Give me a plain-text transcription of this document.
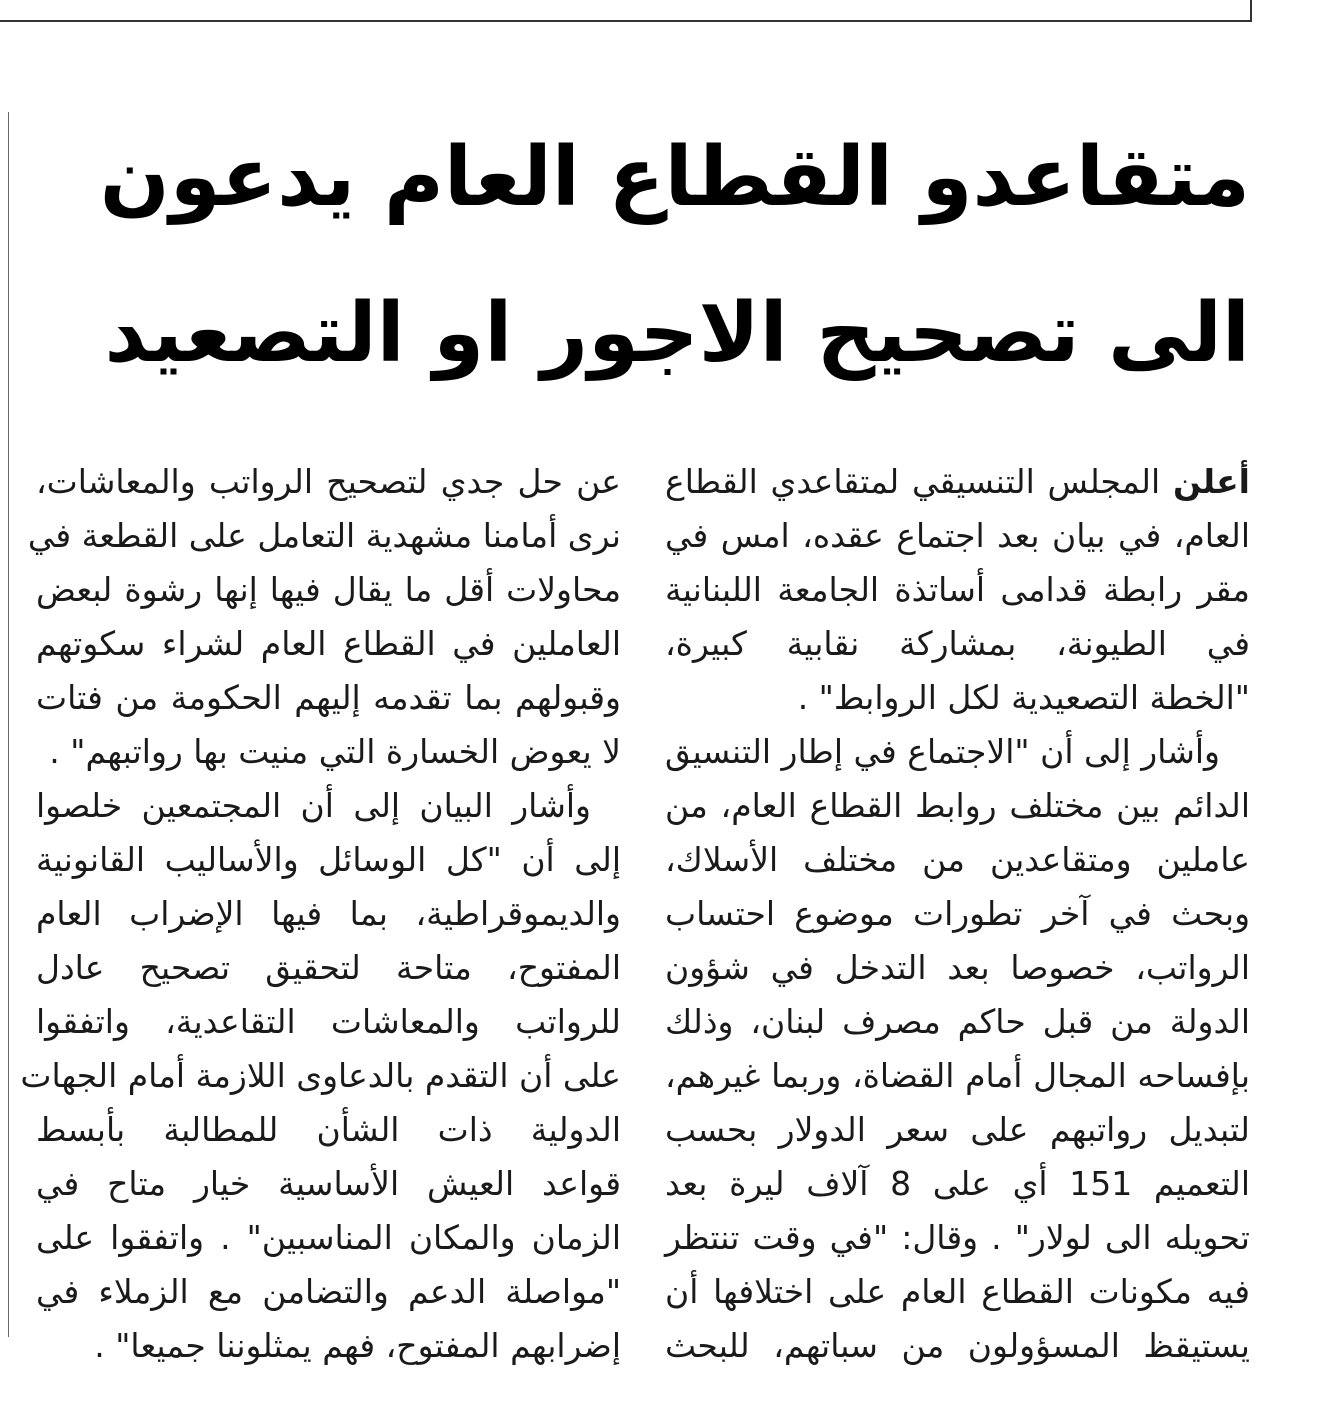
متقاعدو القطاع العام يدعون
الى تصحيح الاجور او التصعيد
أعلن المجلس التنسيقي لمتقاعدي القطاع
العام، في بيان بعد اجتماع عقده، امس في
مقر رابطة قدامى أساتذة الجامعة اللبنانية
في الطيونة، بمشاركة نقابية كبيرة،
"الخطة التصعيدية لكل الروابط" .
وأشار إلى أن "الاجتماع في إطار التنسيق
الدائم بين مختلف روابط القطاع العام، من
عاملين ومتقاعدين من مختلف الأسلاك،
وبحث في آخر تطورات موضوع احتساب
الرواتب، خصوصا بعد التدخل في شؤون
الدولة من قبل حاكم مصرف لبنان، وذلك
بإفساحه المجال أمام القضاة، وربما غيرهم،
لتبديل رواتبهم على سعر الدولار بحسب
التعميم 151 أي على 8 آلاف ليرة بعد
تحويله الى لولار" . وقال: "في وقت تنتظر
فيه مكونات القطاع العام على اختلافها أن
يستيقظ المسؤولون من سباتهم، للبحث
عن حل جدي لتصحيح الرواتب والمعاشات،
نرى أمامنا مشهدية التعامل على القطعة في
محاولات أقل ما يقال فيها إنها رشوة لبعض
العاملين في القطاع العام لشراء سكوتهم
وقبولهم بما تقدمه إليهم الحكومة من فتات
لا يعوض الخسارة التي منيت بها رواتبهم" .
وأشار البيان إلى أن المجتمعين خلصوا
إلى أن "كل الوسائل والأساليب القانونية
والديموقراطية، بما فيها الإضراب العام
المفتوح، متاحة لتحقيق تصحيح عادل
للرواتب والمعاشات التقاعدية، واتفقوا
على أن التقدم بالدعاوى اللازمة أمام الجهات
الدولية ذات الشأن للمطالبة بأبسط
قواعد العيش الأساسية خيار متاح في
الزمان والمكان المناسبين" . واتفقوا على
"مواصلة الدعم والتضامن مع الزملاء في
إضرابهم المفتوح، فهم يمثلوننا جميعا" .
